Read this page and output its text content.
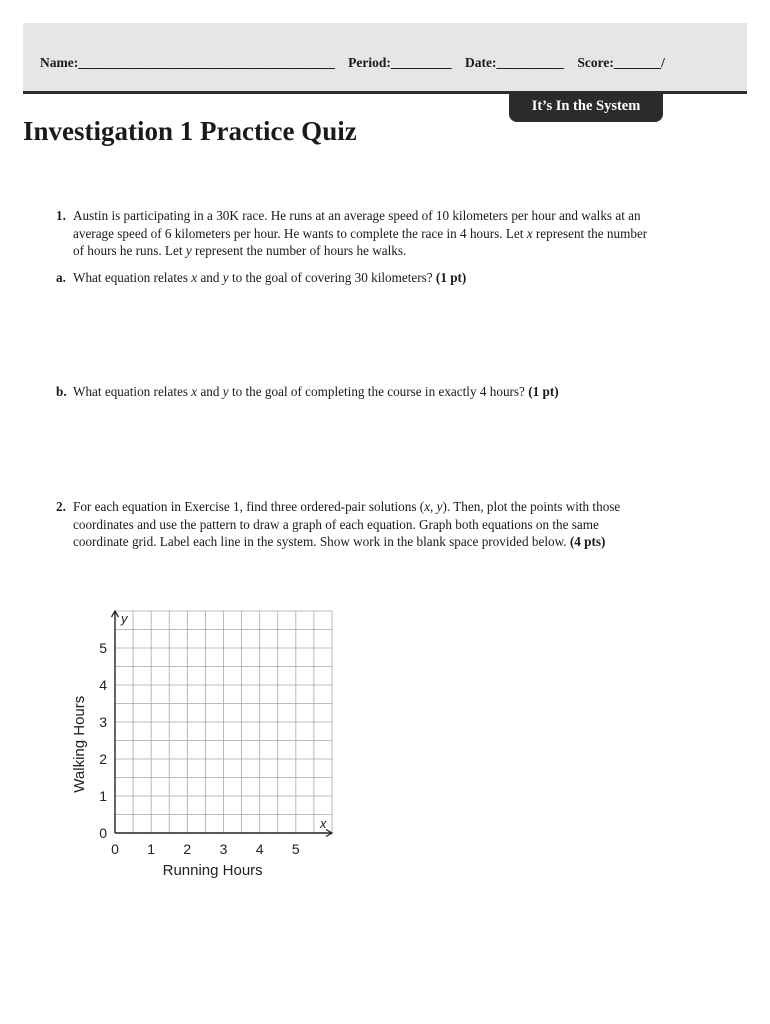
Name:______________________________________ Period:_________ Date:__________ Score:_______/
It’s In the System
Investigation 1 Practice Quiz
1. Austin is participating in a 30K race. He runs at an average speed of 10 kilometers per hour and walks at an
average speed of 6 kilometers per hour. He wants to complete the race in 4 hours. Let x represent the number
of hours he runs. Let y represent the number of hours he walks.
a. What equation relates x and y to the goal of covering 30 kilometers? (1 pt)
b. What equation relates x and y to the goal of completing the course in exactly 4 hours? (1 pt)
2. For each equation in Exercise 1, find three ordered-pair solutions (x, y). Then, plot the points with those
coordinates and use the pattern to draw a graph of each equation. Graph both equations on the same
coordinate grid. Label each line in the system. Show work in the blank space provided below. (4 pts)
0 1 2 3 4 5
0
1
2
3
4
5
x
y
Running Hours
Walking Hours
